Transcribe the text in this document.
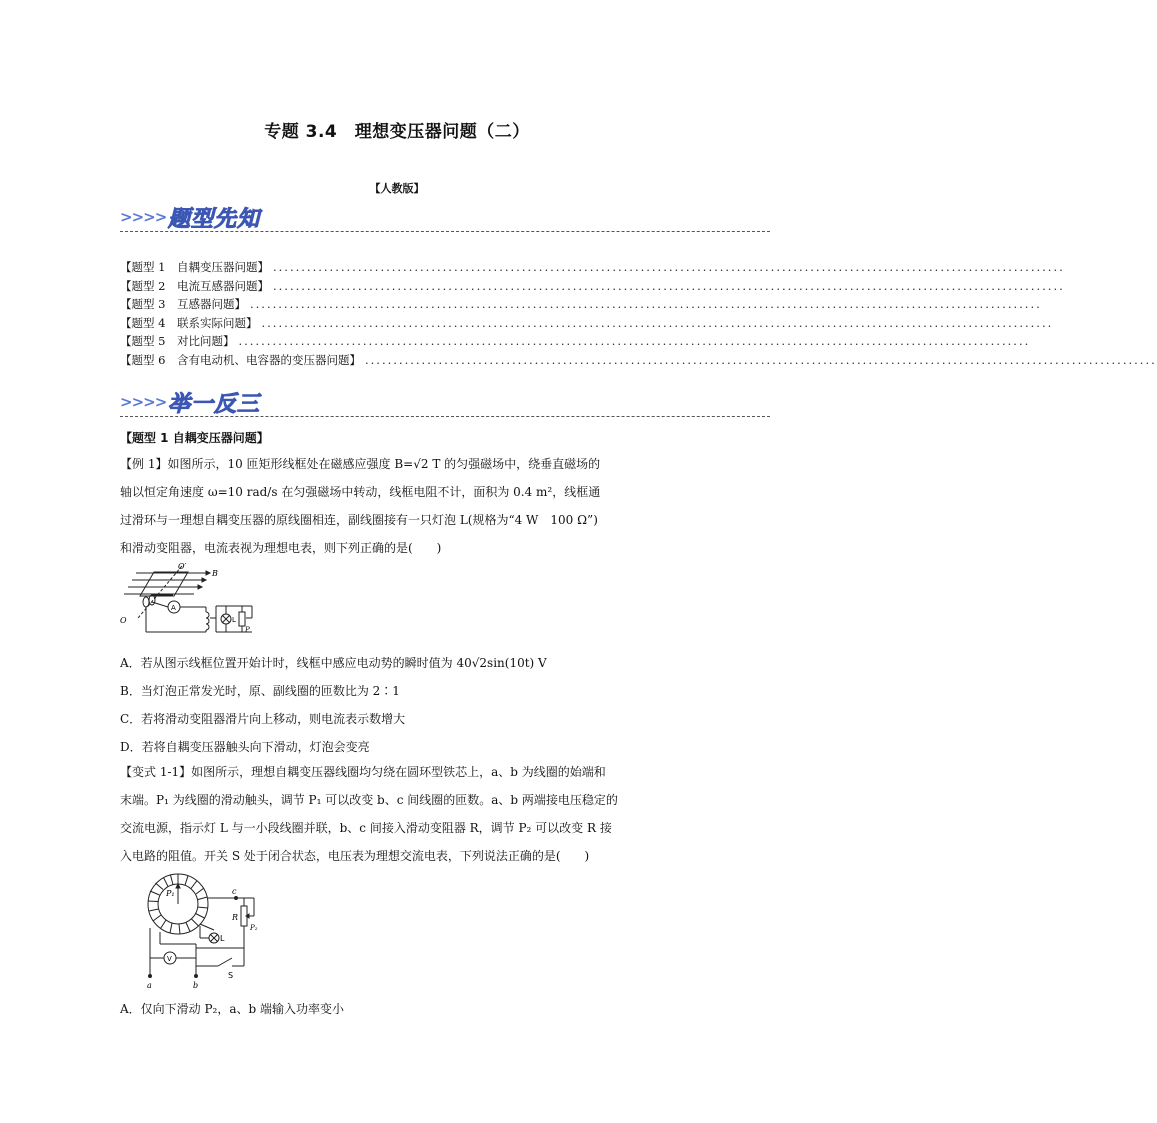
专题 3.4　理想变压器问题（二）
【人教版】
>>>> 题型先知
【题型 1　自耦变压器问题】 ............................................................................................................................................
【题型 2　电流互感器问题】 ............................................................................................................................................
【题型 3　互感器问题】 ............................................................................................................................................
【题型 4　联系实际问题】 ............................................................................................................................................
【题型 5　对比问题】 ............................................................................................................................................
【题型 6　含有电动机、电容器的变压器问题】 ............................................................................................................................................
>>>> 举一反三
【题型 1 自耦变压器问题】
【例 1】如图所示，10 匝矩形线框处在磁感应强度 B=√2 T 的匀强磁场中，绕垂直磁场的
轴以恒定角速度 ω=10 rad/s 在匀强磁场中转动，线框电阻不计，面积为 0.4 m²，线框通
过滑环与一理想自耦变压器的原线圈相连，副线圈接有一只灯泡 L(规格为“4 W　100 Ω”)
和滑动变阻器，电流表视为理想电表，则下列正确的是(　　)
O′
B
A
O	L
P
A．若从图示线框位置开始计时，线框中感应电动势的瞬时值为 40√2sin(10t) V
B．当灯泡正常发光时，原、副线圈的匝数比为 2∶1
C．若将滑动变阻器滑片向上移动，则电流表示数增大
D．若将自耦变压器触头向下滑动，灯泡会变亮
【变式 1-1】如图所示，理想自耦变压器线圈均匀绕在圆环型铁芯上，a、b 为线圈的始端和
末端。P₁ 为线圈的滑动触头，调节 P₁ 可以改变 b、c 间线圈的匝数。a、b 两端接电压稳定的
交流电源，指示灯 L 与一小段线圈并联，b、c 间接入滑动变阻器 R，调节 P₂ 可以改变 R 接
入电路的阻值。开关 S 处于闭合状态，电压表为理想交流电表，下列说法正确的是(　　)
P₁	c
L
R
P₂
V
S
a	b
A．仅向下滑动 P₂，a、b 端输入功率变小
